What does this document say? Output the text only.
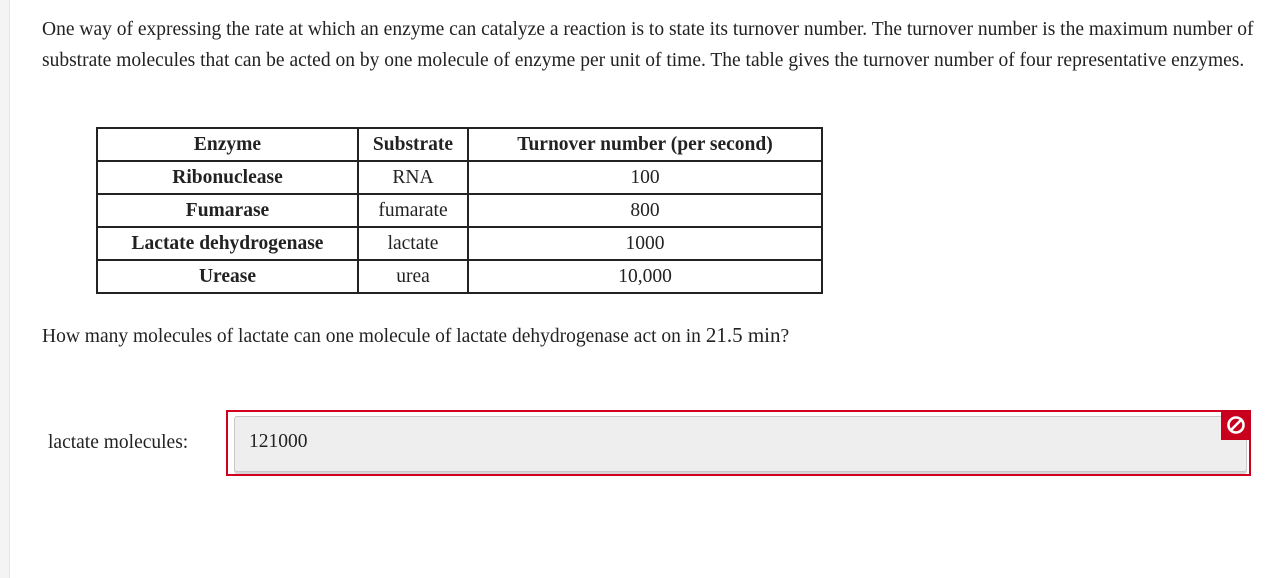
One way of expressing the rate at which an enzyme can catalyze a reaction is to state its turnover number. The turnover number is the maximum number of substrate molecules that can be acted on by one molecule of enzyme per unit of time. The table gives the turnover number of four representative enzymes.

Enzyme	Substrate	Turnover number (per second)
Ribonuclease	RNA	100
Fumarase	fumarate	800
Lactate dehydrogenase	lactate	1000
Urease	urea	10,000

How many molecules of lactate can one molecule of lactate dehydrogenase act on in 21.5 min?

lactate molecules:
121000
